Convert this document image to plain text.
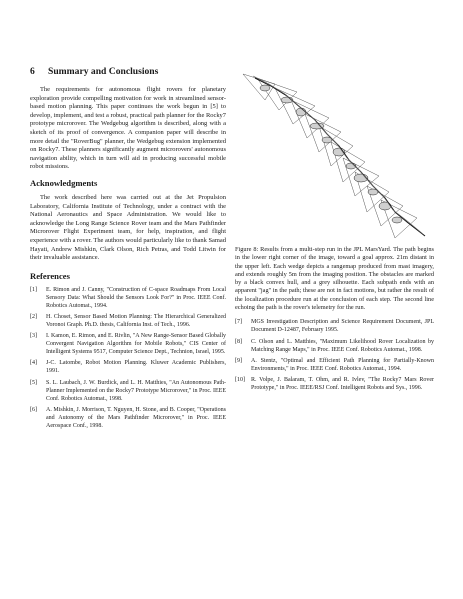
6	Summary and Conclusions

The requirements for autonomous flight rovers for planetary exploration provide compelling motivation for work in streamlined sensor-based motion planning. This paper continues the work begun in [5] to develop, implement, and test a robust, practical path planner for the Rocky7 prototype microrover. The Wedgebug algorithm is described, along with a sketch of its proof of convergence. A companion paper will describe in more detail the "RoverBug" planner, the Wedgebug extension implemented on Rocky7. These planners significantly augment microrovers' autonomous navigation ability, which in turn will aid in producing successful mobile robot missions.

Acknowledgments

The work described here was carried out at the Jet Propulsion Laboratory, California Institute of Technology, under a contract with the National Aeronautics and Space Administration. We would like to acknowledge the Long Range Science Rover team and the Mars Pathfinder Microrover Flight Experiment team, for help, inspiration, and flight experience with a rover. The authors would particularly like to thank Samad Hayati, Andrew Mishkin, Clark Olson, Rich Petras, and Todd Litwin for their invaluable assistance.

References
[1]	E. Rimon and J. Canny, "Construction of C-space Roadmaps From Local Sensory Data: What Should the Sensors Look For?" in Proc. IEEE Conf. Robotics Automat., 1994.
[2]	H. Choset, Sensor Based Motion Planning: The Hierarchical Generalized Voronoi Graph. Ph.D. thesis, California Inst. of Tech., 1996.
[3]	I. Kamon, E. Rimon, and E. Rivlin, "A New Range-Sensor Based Globally Convergent Navigation Algorithm for Mobile Robots," CIS Center of Intelligent Systems 9517, Computer Science Dept., Technion, Israel, 1995.
[4]	J-C. Latombe, Robot Motion Planning. Kluwer Academic Publishers, 1991.
[5]	S. L. Laubach, J. W. Burdick, and L. H. Matthies, "An Autonomous Path-Planner Implemented on the Rocky7 Prototype Microrover," in Proc. IEEE Conf. Robotics Automat., 1998.
[6]	A. Mishkin, J. Morrison, T. Nguyen, H. Stone, and B. Cooper, "Operations and Autonomy of the Mars Pathfinder Microrover," in Proc. IEEE Aerospace Conf., 1998.

Figure 8: Results from a multi-step run in the JPL MarsYard. The path begins in the lower right corner of the image, toward a goal approx. 21m distant in the upper left. Each wedge depicts a rangemap produced from mast imagery, and extends roughly 5m from the imaging position. The obstacles are marked by a black convex hull, and a grey silhouette. Each subpath ends with an apparent "jag" in the path; these are not in fact motions, but rather the result of the localization procedure run at the conclusion of each step. The second line echoing the path is the rover's telemetry for the run.

[7]	MGS Investigation Description and Science Requirement Document, JPL Document D-12487, February 1995.
[8]	C. Olson and L. Matthies, "Maximum Likelihood Rover Localization by Matching Range Maps," in Proc. IEEE Conf. Robotics Automat., 1998.
[9]	A. Stentz, "Optimal and Efficient Path Planning for Partially-Known Environments," in Proc. IEEE Conf. Robotics Automat., 1994.
[10]	R. Volpe, J. Balaram, T. Ohm, and R. Ivlev, "The Rocky7 Mars Rover Prototype," in Proc. IEEE/RSJ Conf. Intelligent Robots and Sys., 1996.
